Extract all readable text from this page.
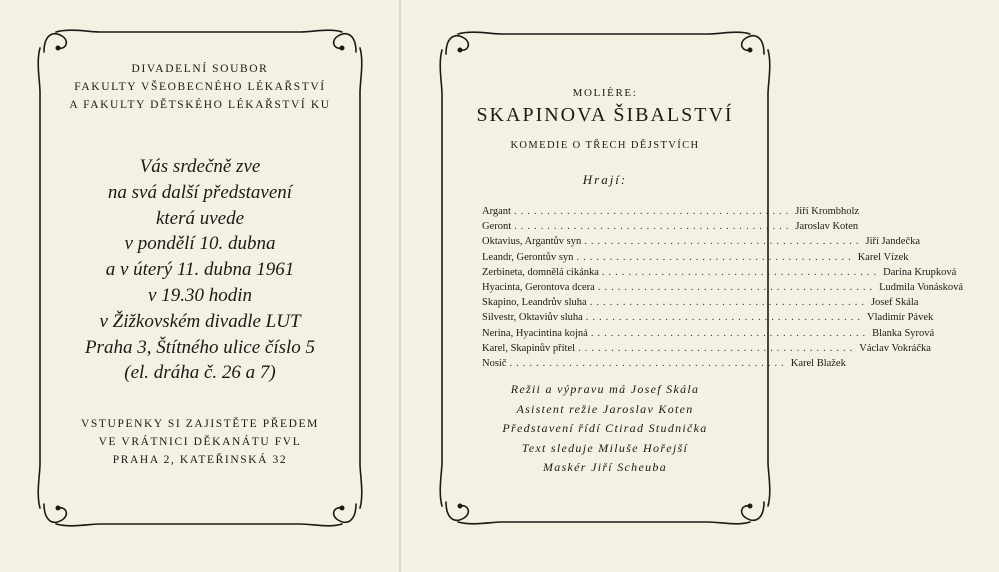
DIVADELNÍ SOUBOR
FAKULTY VŠEOBECNÉHO LÉKAŘSTVÍ
A FAKULTY DĚTSKÉHO LÉKAŘSTVÍ KU
Vás srdečně zve
na svá další představení
která uvede
v pondělí 10. dubna
a v úterý 11. dubna 1961
v 19.30 hodin
v Žižkovském divadle LUT
Praha 3, Štítného ulice číslo 5
(el. dráha č. 26 a 7)
VSTUPENKY SI ZAJISTĚTE PŘEDEM
VE VRÁTNICI DĚKANÁTU FVL
PRAHA 2, KATEŘINSKÁ 32
MOLIÈRE:
SKAPINOVA ŠIBALSTVÍ
KOMEDIE O TŘECH DĚJSTVÍCH
Hrají:
Argant .......................................... Jiří Krombholz
Geront .......................................... Jaroslav Koten
Oktavius, Argantův syn .......................................... Jiří Jandečka
Leandr, Gerontův syn .......................................... Karel Vízek
Zerbineta, domnělá cikánka .......................................... Darina Krupková
Hyacinta, Gerontova dcera .......................................... Ludmila Vonásková
Skapino, Leandrův sluha .......................................... Josef Skála
Silvestr, Oktaviův sluha .......................................... Vladimír Pávek
Nerina, Hyacintina kojná .......................................... Blanka Syrová
Karel, Skapinův přítel .......................................... Václav Vokráčka
Nosič .......................................... Karel Blažek
Režii a výpravu má Josef Skála
Asistent režie Jaroslav Koten
Představení řídí Ctirad Studnička
Text sleduje Miluše Hořejší
Maskér Jiří Scheuba
